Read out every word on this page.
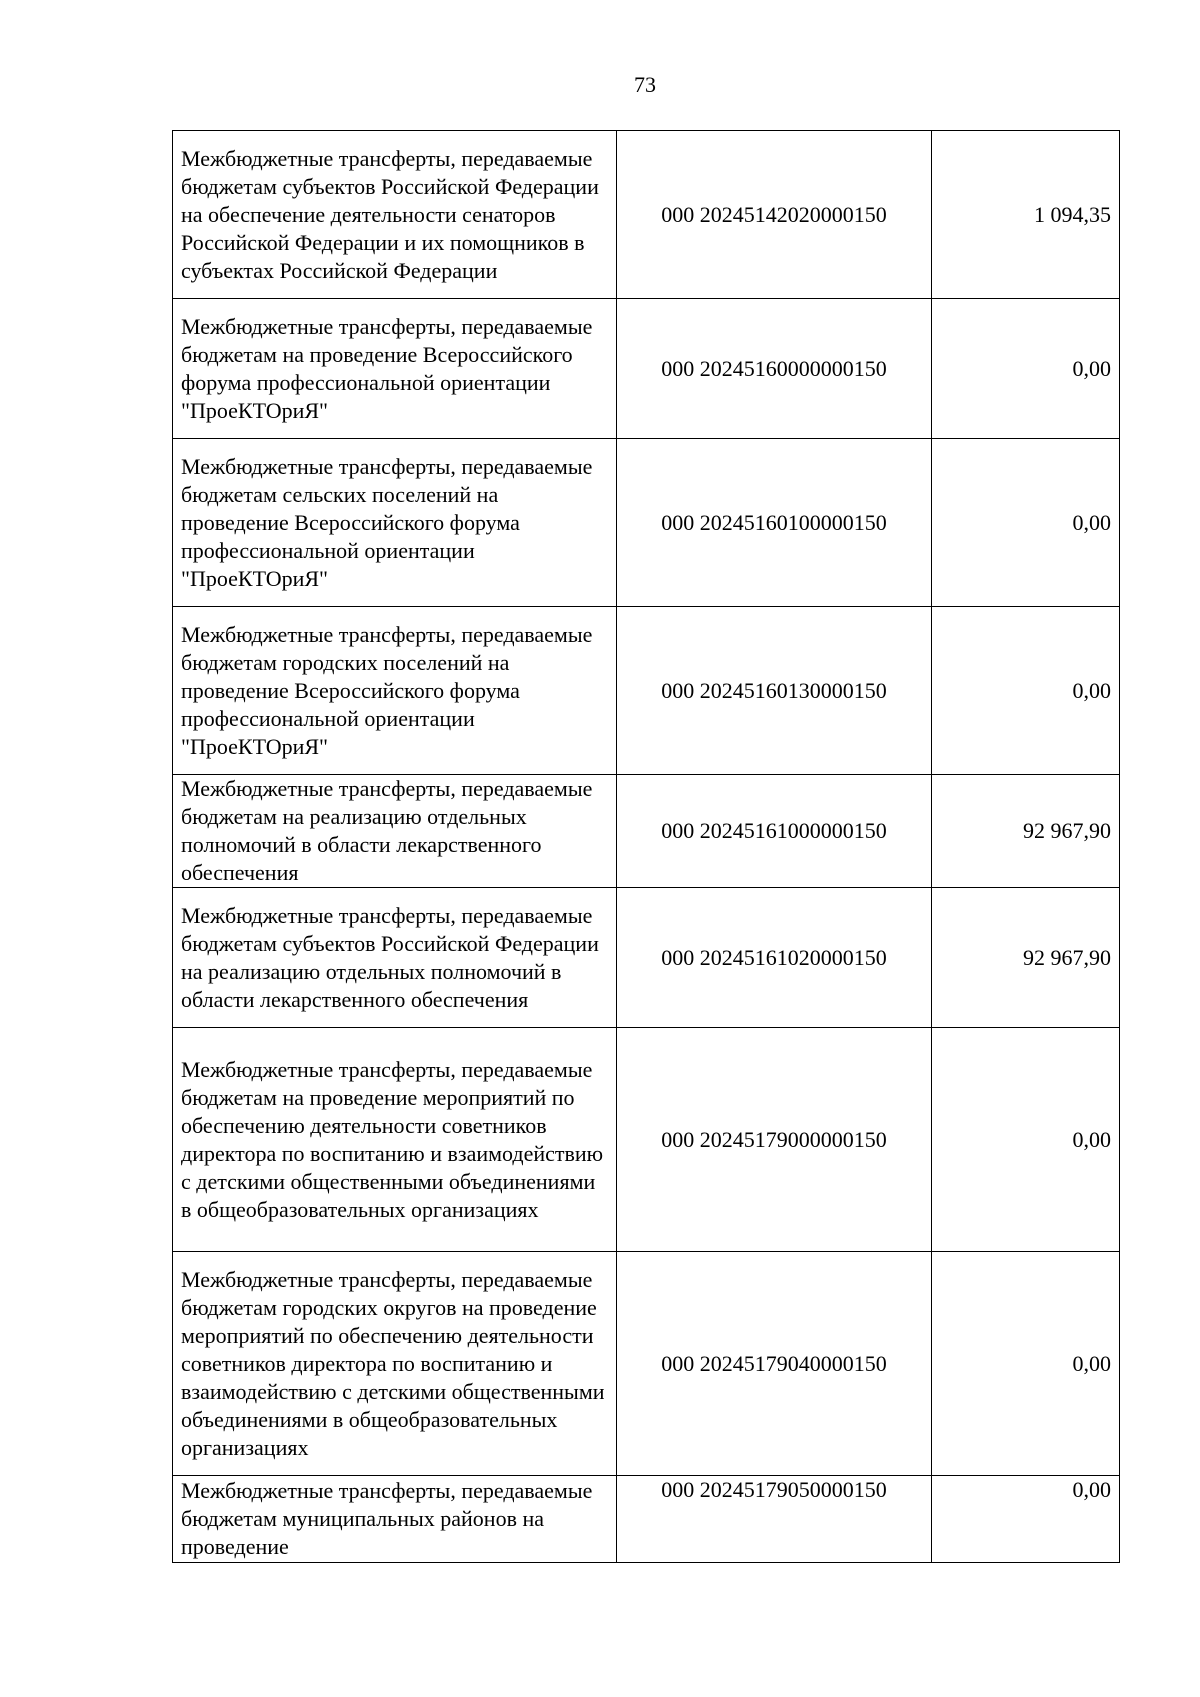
73
Межбюджетные трансферты, передаваемые бюджетам субъектов Российской Федерации на обеспечение деятельности сенаторов Российской Федерации и их помощников в субъектах Российской Федерации	000 20245142020000150	1 094,35
Межбюджетные трансферты, передаваемые бюджетам на проведение Всероссийского форума профессиональной ориентации "ПроеКТОриЯ"	000 20245160000000150	0,00
Межбюджетные трансферты, передаваемые бюджетам сельских поселений на проведение Всероссийского форума профессиональной ориентации "ПроеКТОриЯ"	000 20245160100000150	0,00
Межбюджетные трансферты, передаваемые бюджетам городских поселений на проведение Всероссийского форума профессиональной ориентации "ПроеКТОриЯ"	000 20245160130000150	0,00
Межбюджетные трансферты, передаваемые бюджетам на реализацию отдельных полномочий в области лекарственного обеспечения	000 20245161000000150	92 967,90
Межбюджетные трансферты, передаваемые бюджетам субъектов Российской Федерации на реализацию отдельных полномочий в области лекарственного обеспечения	000 20245161020000150	92 967,90
Межбюджетные трансферты, передаваемые бюджетам на проведение мероприятий по обеспечению деятельности советников директора по воспитанию и взаимодействию с детскими общественными объединениями в общеобразовательных организациях	000 20245179000000150	0,00
Межбюджетные трансферты, передаваемые бюджетам городских округов на проведение мероприятий по обеспечению деятельности советников директора по воспитанию и взаимодействию с детскими общественными объединениями в общеобразовательных организациях	000 20245179040000150	0,00
Межбюджетные трансферты, передаваемые бюджетам муниципальных районов на проведение	000 20245179050000150	0,00
